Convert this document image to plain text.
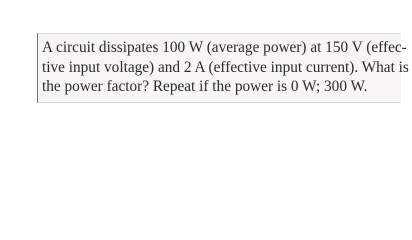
A circuit dissipates 100 W (average power) at 150 V (effec-
tive input voltage) and 2 A (effective input current). What is
the power factor? Repeat if the power is 0 W; 300 W.
